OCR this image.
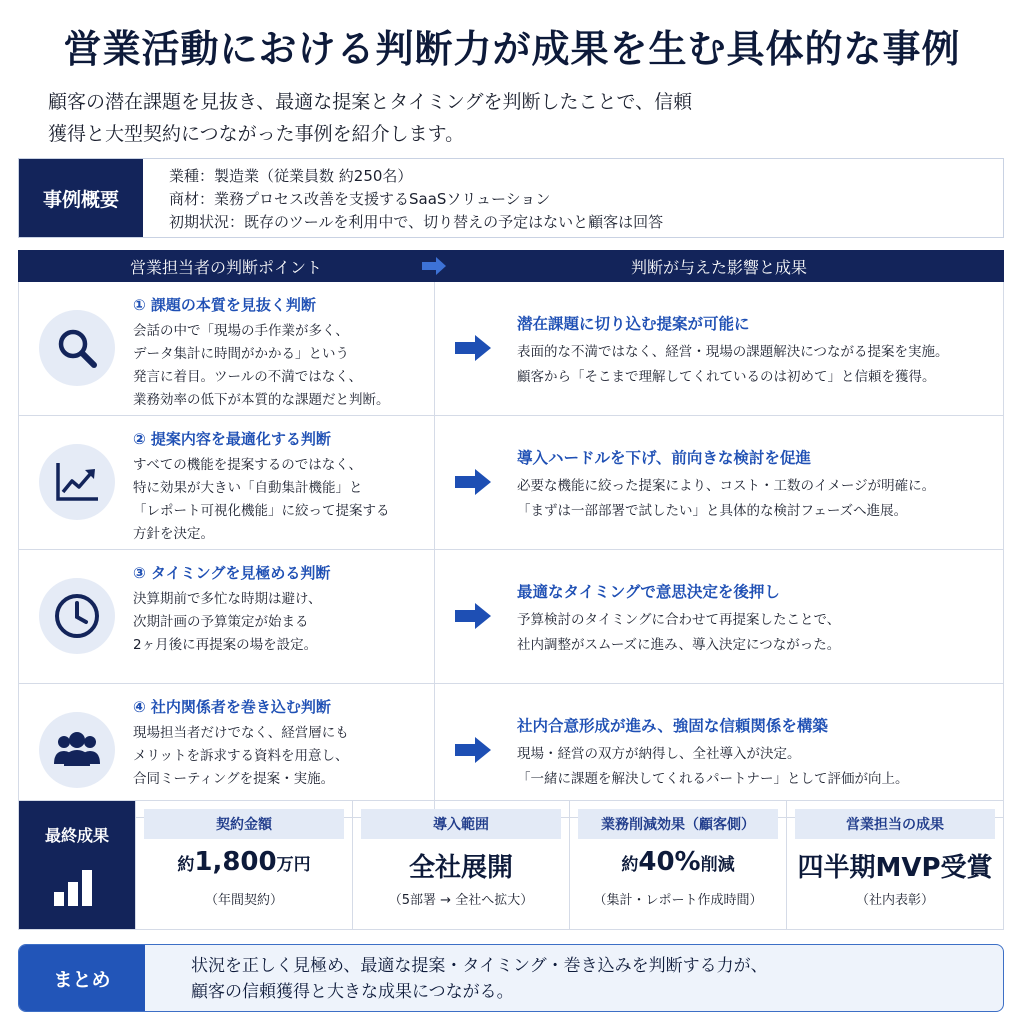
営業活動における判断力が成果を生む具体的な事例
顧客の潜在課題を見抜き、最適な提案とタイミングを判断したことで、信頼
獲得と大型契約につながった事例を紹介します。
事例概要
業種：製造業（従業員数 約250名）
商材：業務プロセス改善を支援するSaaSソリューション
初期状況：既存のツールを利用中で、切り替えの予定はないと顧客は回答
営業担当者の判断ポイント	判断が与えた影響と成果
① 課題の本質を見抜く判断
会話の中で「現場の手作業が多く、
データ集計に時間がかかる」という
発言に着目。ツールの不満ではなく、
業務効率の低下が本質的な課題だと判断。
潜在課題に切り込む提案が可能に
表面的な不満ではなく、経営・現場の課題解決につながる提案を実施。
顧客から「そこまで理解してくれているのは初めて」と信頼を獲得。
② 提案内容を最適化する判断
すべての機能を提案するのではなく、
特に効果が大きい「自動集計機能」と
「レポート可視化機能」に絞って提案する
方針を決定。
導入ハードルを下げ、前向きな検討を促進
必要な機能に絞った提案により、コスト・工数のイメージが明確に。
「まずは一部部署で試したい」と具体的な検討フェーズへ進展。
③ タイミングを見極める判断
決算期前で多忙な時期は避け、
次期計画の予算策定が始まる
2ヶ月後に再提案の場を設定。
最適なタイミングで意思決定を後押し
予算検討のタイミングに合わせて再提案したことで、
社内調整がスムーズに進み、導入決定につながった。
④ 社内関係者を巻き込む判断
現場担当者だけでなく、経営層にも
メリットを訴求する資料を用意し、
合同ミーティングを提案・実施。
社内合意形成が進み、強固な信頼関係を構築
現場・経営の双方が納得し、全社導入が決定。
「一緒に課題を解決してくれるパートナー」として評価が向上。
最終成果
契約金額
約1,800万円
（年間契約）
導入範囲
全社展開
（5部署 → 全社へ拡大）
業務削減効果（顧客側）
約40%削減
（集計・レポート作成時間）
営業担当の成果
四半期MVP受賞
（社内表彰）
まとめ
状況を正しく見極め、最適な提案・タイミング・巻き込みを判断する力が、
顧客の信頼獲得と大きな成果につながる。
